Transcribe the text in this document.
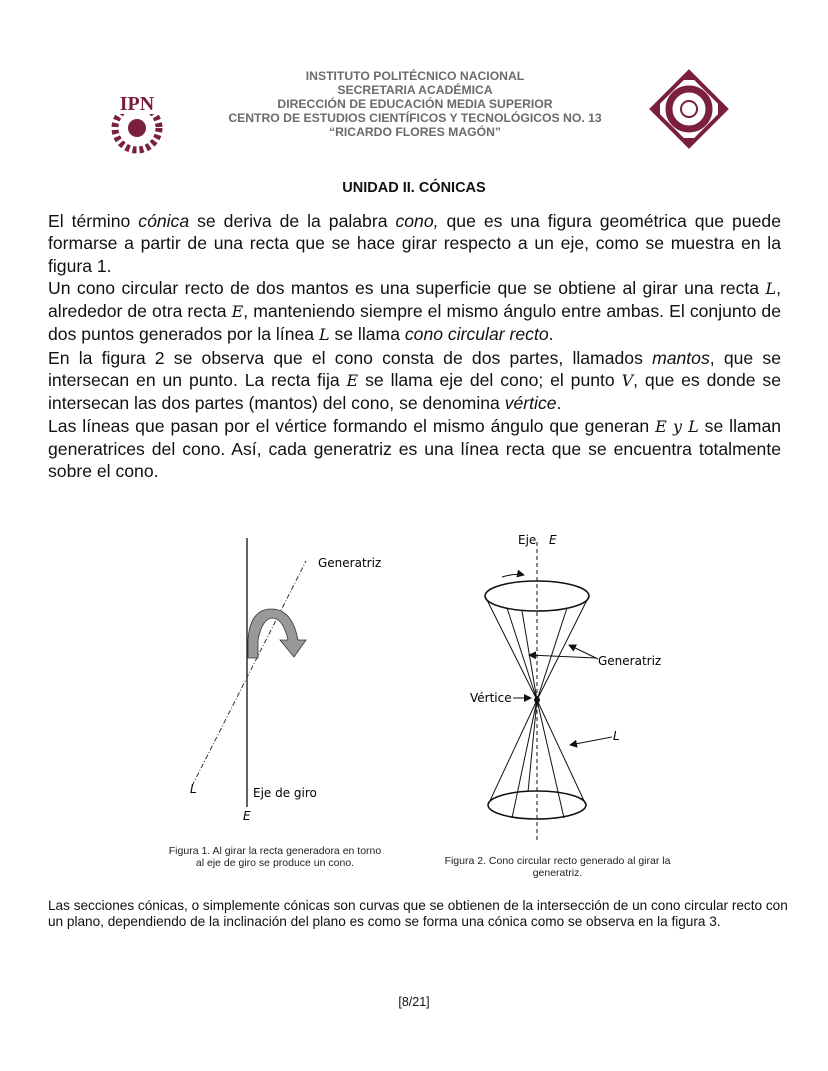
IPN
INSTITUTO POLITÉCNICO NACIONAL
SECRETARIA ACADÉMICA
DIRECCIÓN DE EDUCACIÓN MEDIA SUPERIOR
CENTRO DE ESTUDIOS CIENTÍFICOS Y TECNOLÓGICOS NO. 13
“RICARDO FLORES MAGÓN”
UNIDAD II. CÓNICAS

El término cónica se deriva de la palabra cono, que es una figura geométrica que puede formarse a partir de una recta que se hace girar respecto a un eje, como se muestra en la figura 1.

Un cono circular recto de dos mantos es una superficie que se obtiene al girar una recta L, alrededor de otra recta E, manteniendo siempre el mismo ángulo entre ambas. El conjunto de dos puntos generados por la línea L se llama cono circular recto.

En la figura 2 se observa que el cono consta de dos partes, llamados mantos, que se intersecan en un punto. La recta fija E se llama eje del cono; el punto V, que es donde se intersecan las dos partes (mantos) del cono, se denomina vértice.

Las líneas que pasan por el vértice formando el mismo ángulo que generan E y L se llaman generatrices del cono. Así, cada generatriz es una línea recta que se encuentra totalmente sobre el cono.

Generatriz
L	Eje de giro
E
Eje E
Generatriz
Vértice
L
Figura 1. Al girar la recta generadora en torno
al eje de giro se produce un cono.	Figura 2. Cono circular recto generado al girar la
generatriz.
Las secciones cónicas, o simplemente cónicas son curvas que se obtienen de la intersección de un cono circular recto con un plano, dependiendo de la inclinación del plano es como se forma una cónica como se observa en la figura 3.
[8/21]
